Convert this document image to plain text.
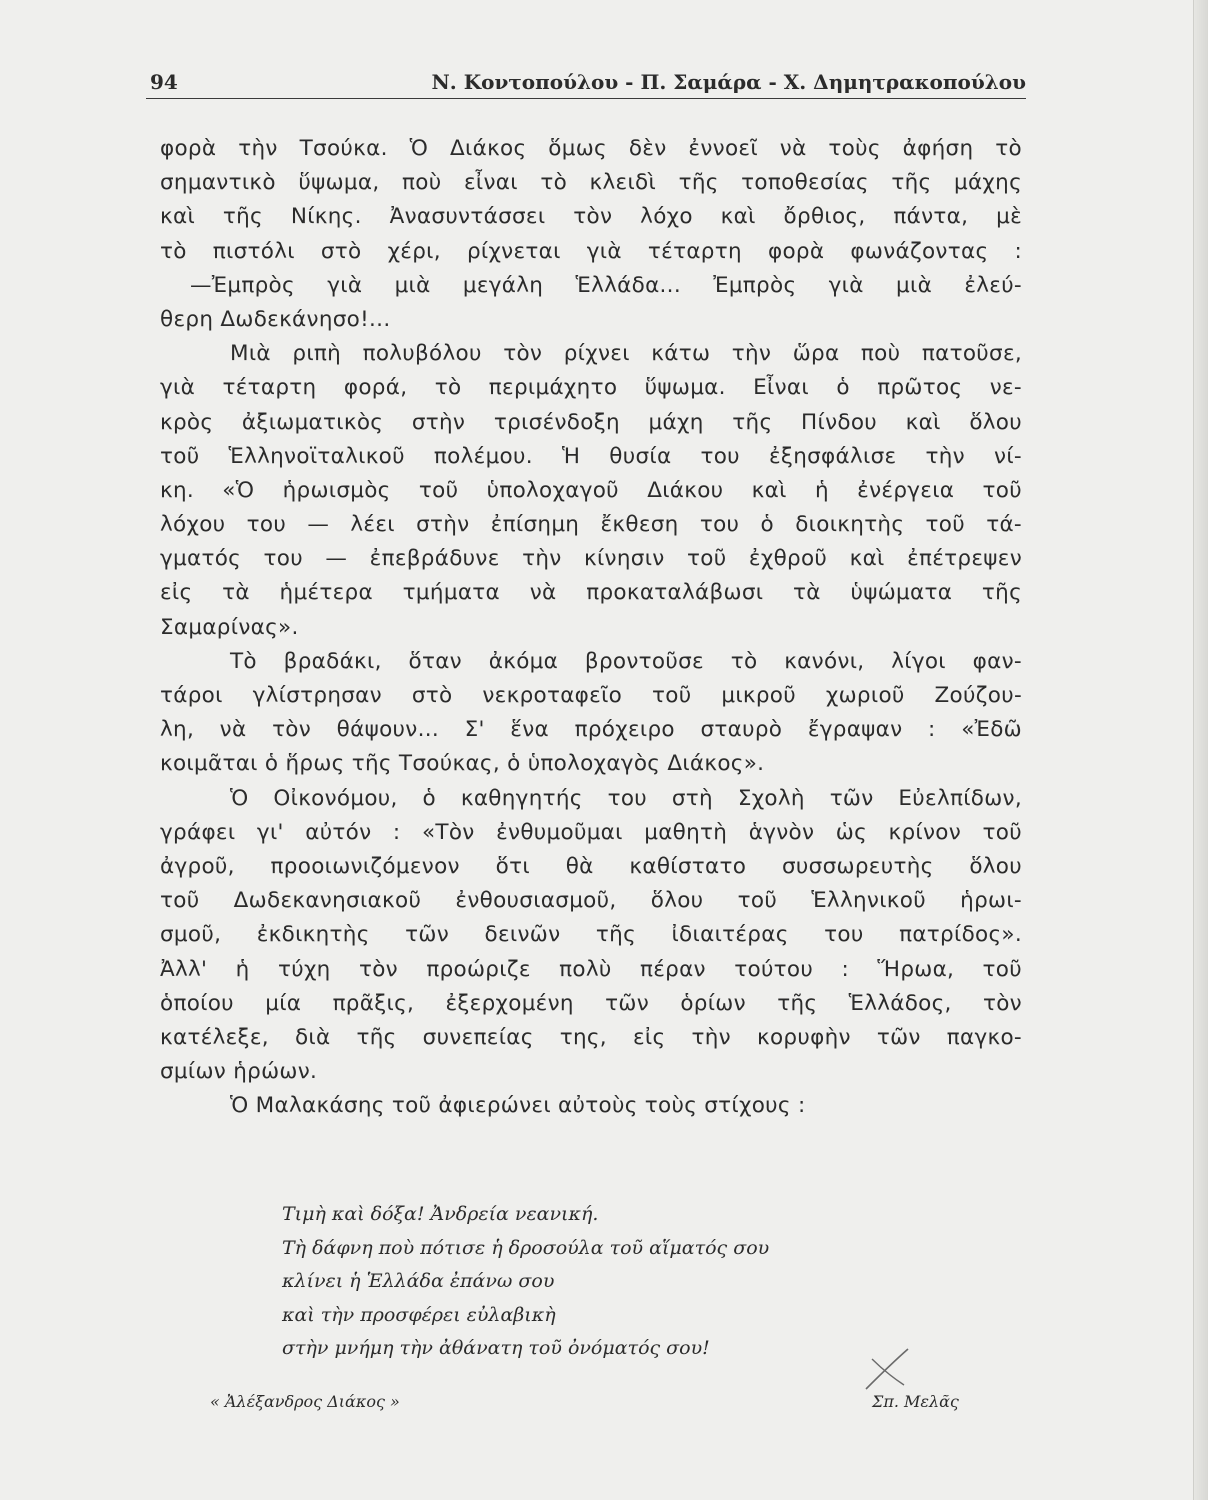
94	Ν. Κοντοπούλου - Π. Σαμάρα - Χ. Δημητρακοπούλου
φορὰ τὴν Τσούκα. Ὁ Διάκος ὅμως δὲν ἐννοεῖ νὰ τοὺς ἀφήση τὸ
σημαντικὸ ὕψωμα, ποὺ εἶναι τὸ κλειδὶ τῆς τοποθεσίας τῆς μάχης
καὶ τῆς Νίκης. Ἀνασυντάσσει τὸν λόχο καὶ ὄρθιος, πάντα, μὲ
τὸ πιστόλι στὸ χέρι, ρίχνεται γιὰ τέταρτη φορὰ φωνάζοντας :
—Ἐμπρὸς γιὰ μιὰ μεγάλη Ἑλλάδα... Ἐμπρὸς γιὰ μιὰ ἐλεύ-
θερη Δωδεκάνησο!...
Μιὰ ριπὴ πολυβόλου τὸν ρίχνει κάτω τὴν ὥρα ποὺ πατοῦσε,
γιὰ τέταρτη φορά, τὸ περιμάχητο ὕψωμα. Εἶναι ὁ πρῶτος νε-
κρὸς ἀξιωματικὸς στὴν τρισένδοξη μάχη τῆς Πίνδου καὶ ὅλου
τοῦ Ἑλληνοϊταλικοῦ πολέμου. Ἡ θυσία του ἐξησφάλισε τὴν νί-
κη. «Ὁ ἡρωισμὸς τοῦ ὑπολοχαγοῦ Διάκου καὶ ἡ ἐνέργεια τοῦ
λόχου του — λέει στὴν ἐπίσημη ἔκθεση του ὁ διοικητὴς τοῦ τά-
γματός του — ἐπεβράδυνε τὴν κίνησιν τοῦ ἐχθροῦ καὶ ἐπέτρεψεν
εἰς τὰ ἡμέτερα τμήματα νὰ προκαταλάβωσι τὰ ὑψώματα τῆς
Σαμαρίνας».
Τὸ βραδάκι, ὅταν ἀκόμα βροντοῦσε τὸ κανόνι, λίγοι φαν-
τάροι γλίστρησαν στὸ νεκροταφεῖο τοῦ μικροῦ χωριοῦ Ζούζου-
λη, νὰ τὸν θάψουν... Σ' ἕνα πρόχειρο σταυρὸ ἔγραψαν : «Ἐδῶ
κοιμᾶται ὁ ἥρως τῆς Τσούκας, ὁ ὑπολοχαγὸς Διάκος».
Ὁ Οἰκονόμου, ὁ καθηγητής του στὴ Σχολὴ τῶν Εὐελπίδων,
γράφει γι' αὐτόν : «Τὸν ἐνθυμοῦμαι μαθητὴ ἁγνὸν ὡς κρίνον τοῦ
ἀγροῦ, προοιωνιζόμενον ὅτι θὰ καθίστατο συσσωρευτὴς ὅλου
τοῦ Δωδεκανησιακοῦ ἐνθουσιασμοῦ, ὅλου τοῦ Ἑλληνικοῦ ἡρωι-
σμοῦ, ἐκδικητὴς τῶν δεινῶν τῆς ἰδιαιτέρας του πατρίδος».
Ἀλλ' ἡ τύχη τὸν προώριζε πολὺ πέραν τούτου : Ἥρωα, τοῦ
ὁποίου μία πρᾶξις, ἐξερχομένη τῶν ὁρίων τῆς Ἑλλάδος, τὸν
κατέλεξε, διὰ τῆς συνεπείας της, εἰς τὴν κορυφὴν τῶν παγκο-
σμίων ἡρώων.
Ὁ Μαλακάσης τοῦ ἀφιερώνει αὐτοὺς τοὺς στίχους :
Τιμὴ καὶ δόξα! Ἀνδρεία νεανική.
Τὴ δάφνη ποὺ πότισε ἡ δροσούλα τοῦ αἵματός σου
κλίνει ἡ Ἑλλάδα ἐπάνω σου
καὶ τὴν προσφέρει εὐλαβικὴ
στὴν μνήμη τὴν ἀθάνατη τοῦ ὀνόματός σου!
« Ἀλέξανδρος Διάκος »	Σπ. Μελᾶς
